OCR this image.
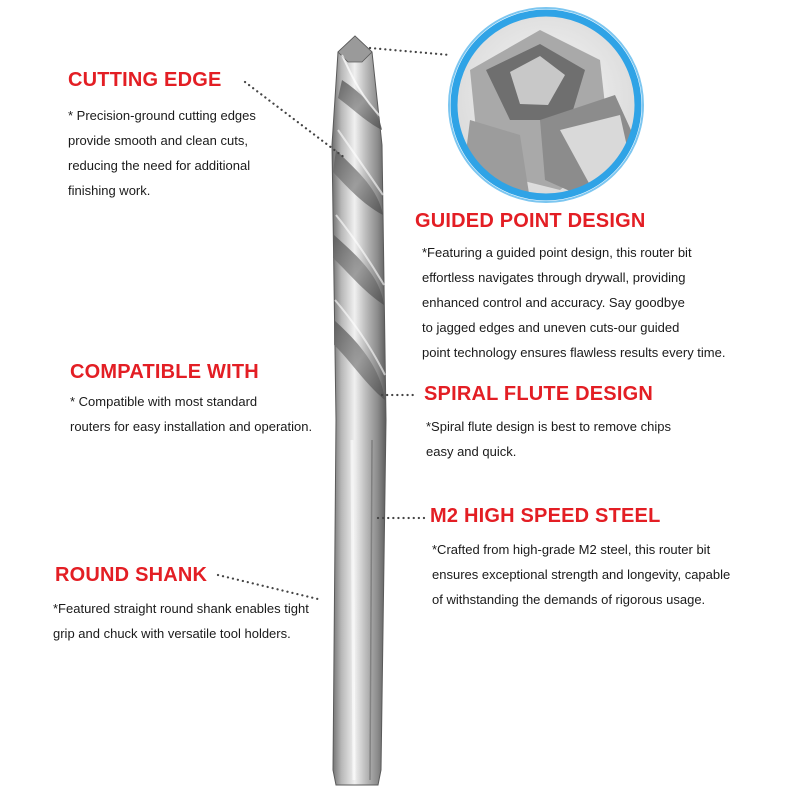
CUTTING EDGE
* Precision-ground cutting edges
provide smooth and clean cuts,
reducing the need for additional
finishing work.
GUIDED POINT DESIGN
*Featuring a guided point design, this router bit
effortless navigates through drywall, providing
enhanced control and accuracy. Say goodbye
to jagged edges and uneven cuts-our guided
point technology ensures flawless results every time.
COMPATIBLE WITH
* Compatible with most standard
routers for easy installation and operation.
SPIRAL FLUTE DESIGN
*Spiral flute design is best to remove chips
easy and quick.
M2 HIGH SPEED STEEL
*Crafted from high-grade M2 steel, this router bit
ensures exceptional strength and longevity, capable
of withstanding the demands of rigorous usage.
ROUND SHANK
*Featured straight round shank enables tight
grip and chuck with versatile tool holders.
